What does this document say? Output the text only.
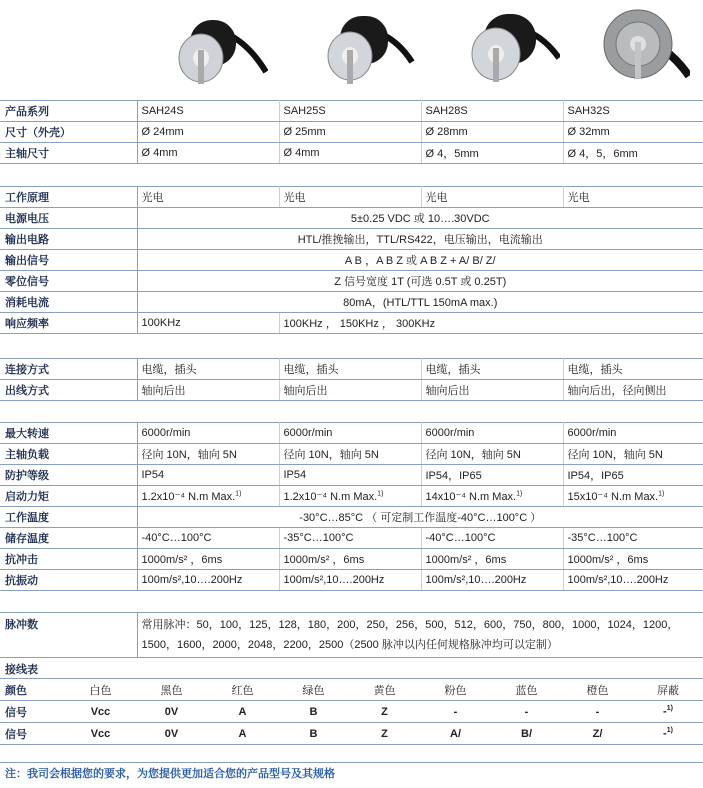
产品系列	SAH24S	SAH25S	SAH28S	SAH32S
尺寸（外壳）	Ø 24mm	Ø 25mm	Ø 28mm	Ø 32mm
主轴尺寸	Ø 4mm	Ø 4mm	Ø 4，5mm	Ø 4，5，6mm
工作原理	光电	光电	光电	光电
电源电压	5±0.25 VDC 或 10….30VDC			
输出电路	HTL/推挽输出，TTL/RS422，电压输出，电流输出			
输出信号	A B ，A B Z 或 A B Z + A/ B/ Z/			
零位信号	Z 信号宽度 1T (可选 0.5T 或 0.25T)			
消耗电流	80mA，(HTL/TTL 150mA max.)			
响应频率	100KHz	100KHz ， 150KHz ， 300KHz		
连接方式	电缆，插头	电缆，插头	电缆，插头	电缆，插头
出线方式	轴向后出	轴向后出	轴向后出	轴向后出，径向侧出
最大转速	6000r/min	6000r/min	6000r/min	6000r/min
主轴负载	径向 10N，轴向 5N	径向 10N，轴向 5N	径向 10N，轴向 5N	径向 10N，轴向 5N
防护等级	IP54	IP54	IP54，IP65	IP54，IP65
启动力矩	1.2x10⁻⁴ N.m Max.$^{1)}$	1.2x10⁻⁴ N.m Max.$^{1)}$	14x10⁻⁴ N.m Max.$^{1)}$	15x10⁻⁴ N.m Max.$^{1)}$
工作温度	-30°C…85°C （ 可定制工作温度-40°C…100°C ）			
储存温度	-40°C…100°C	-35°C…100°C	-40°C…100°C	-35°C…100°C
抗冲击	1000m/s² ，6ms	1000m/s² ，6ms	1000m/s² ，6ms	1000m/s² ，6ms
抗振动	100m/s²,10….200Hz	100m/s²,10….200Hz	100m/s²,10….200Hz	100m/s²,10….200Hz
脉冲数	常用脉冲：50，100，125，128，180，200，250，256，500，512，600，750，800，1000，1024，1200，1500，1600，2000，2048，2200，2500（2500 脉冲以内任何规格脉冲均可以定制）
接线表
颜色	白色	黑色	红色	绿色	黄色	粉色	蓝色	橙色	屏蔽
信号	Vcc	0V	A	B	Z	-	-	-	-$^{1)}$
信号	Vcc	0V	A	B	Z	A/	B/	Z/	-$^{1)}$
注：我司会根据您的要求，为您提供更加适合您的产品型号及其规格
